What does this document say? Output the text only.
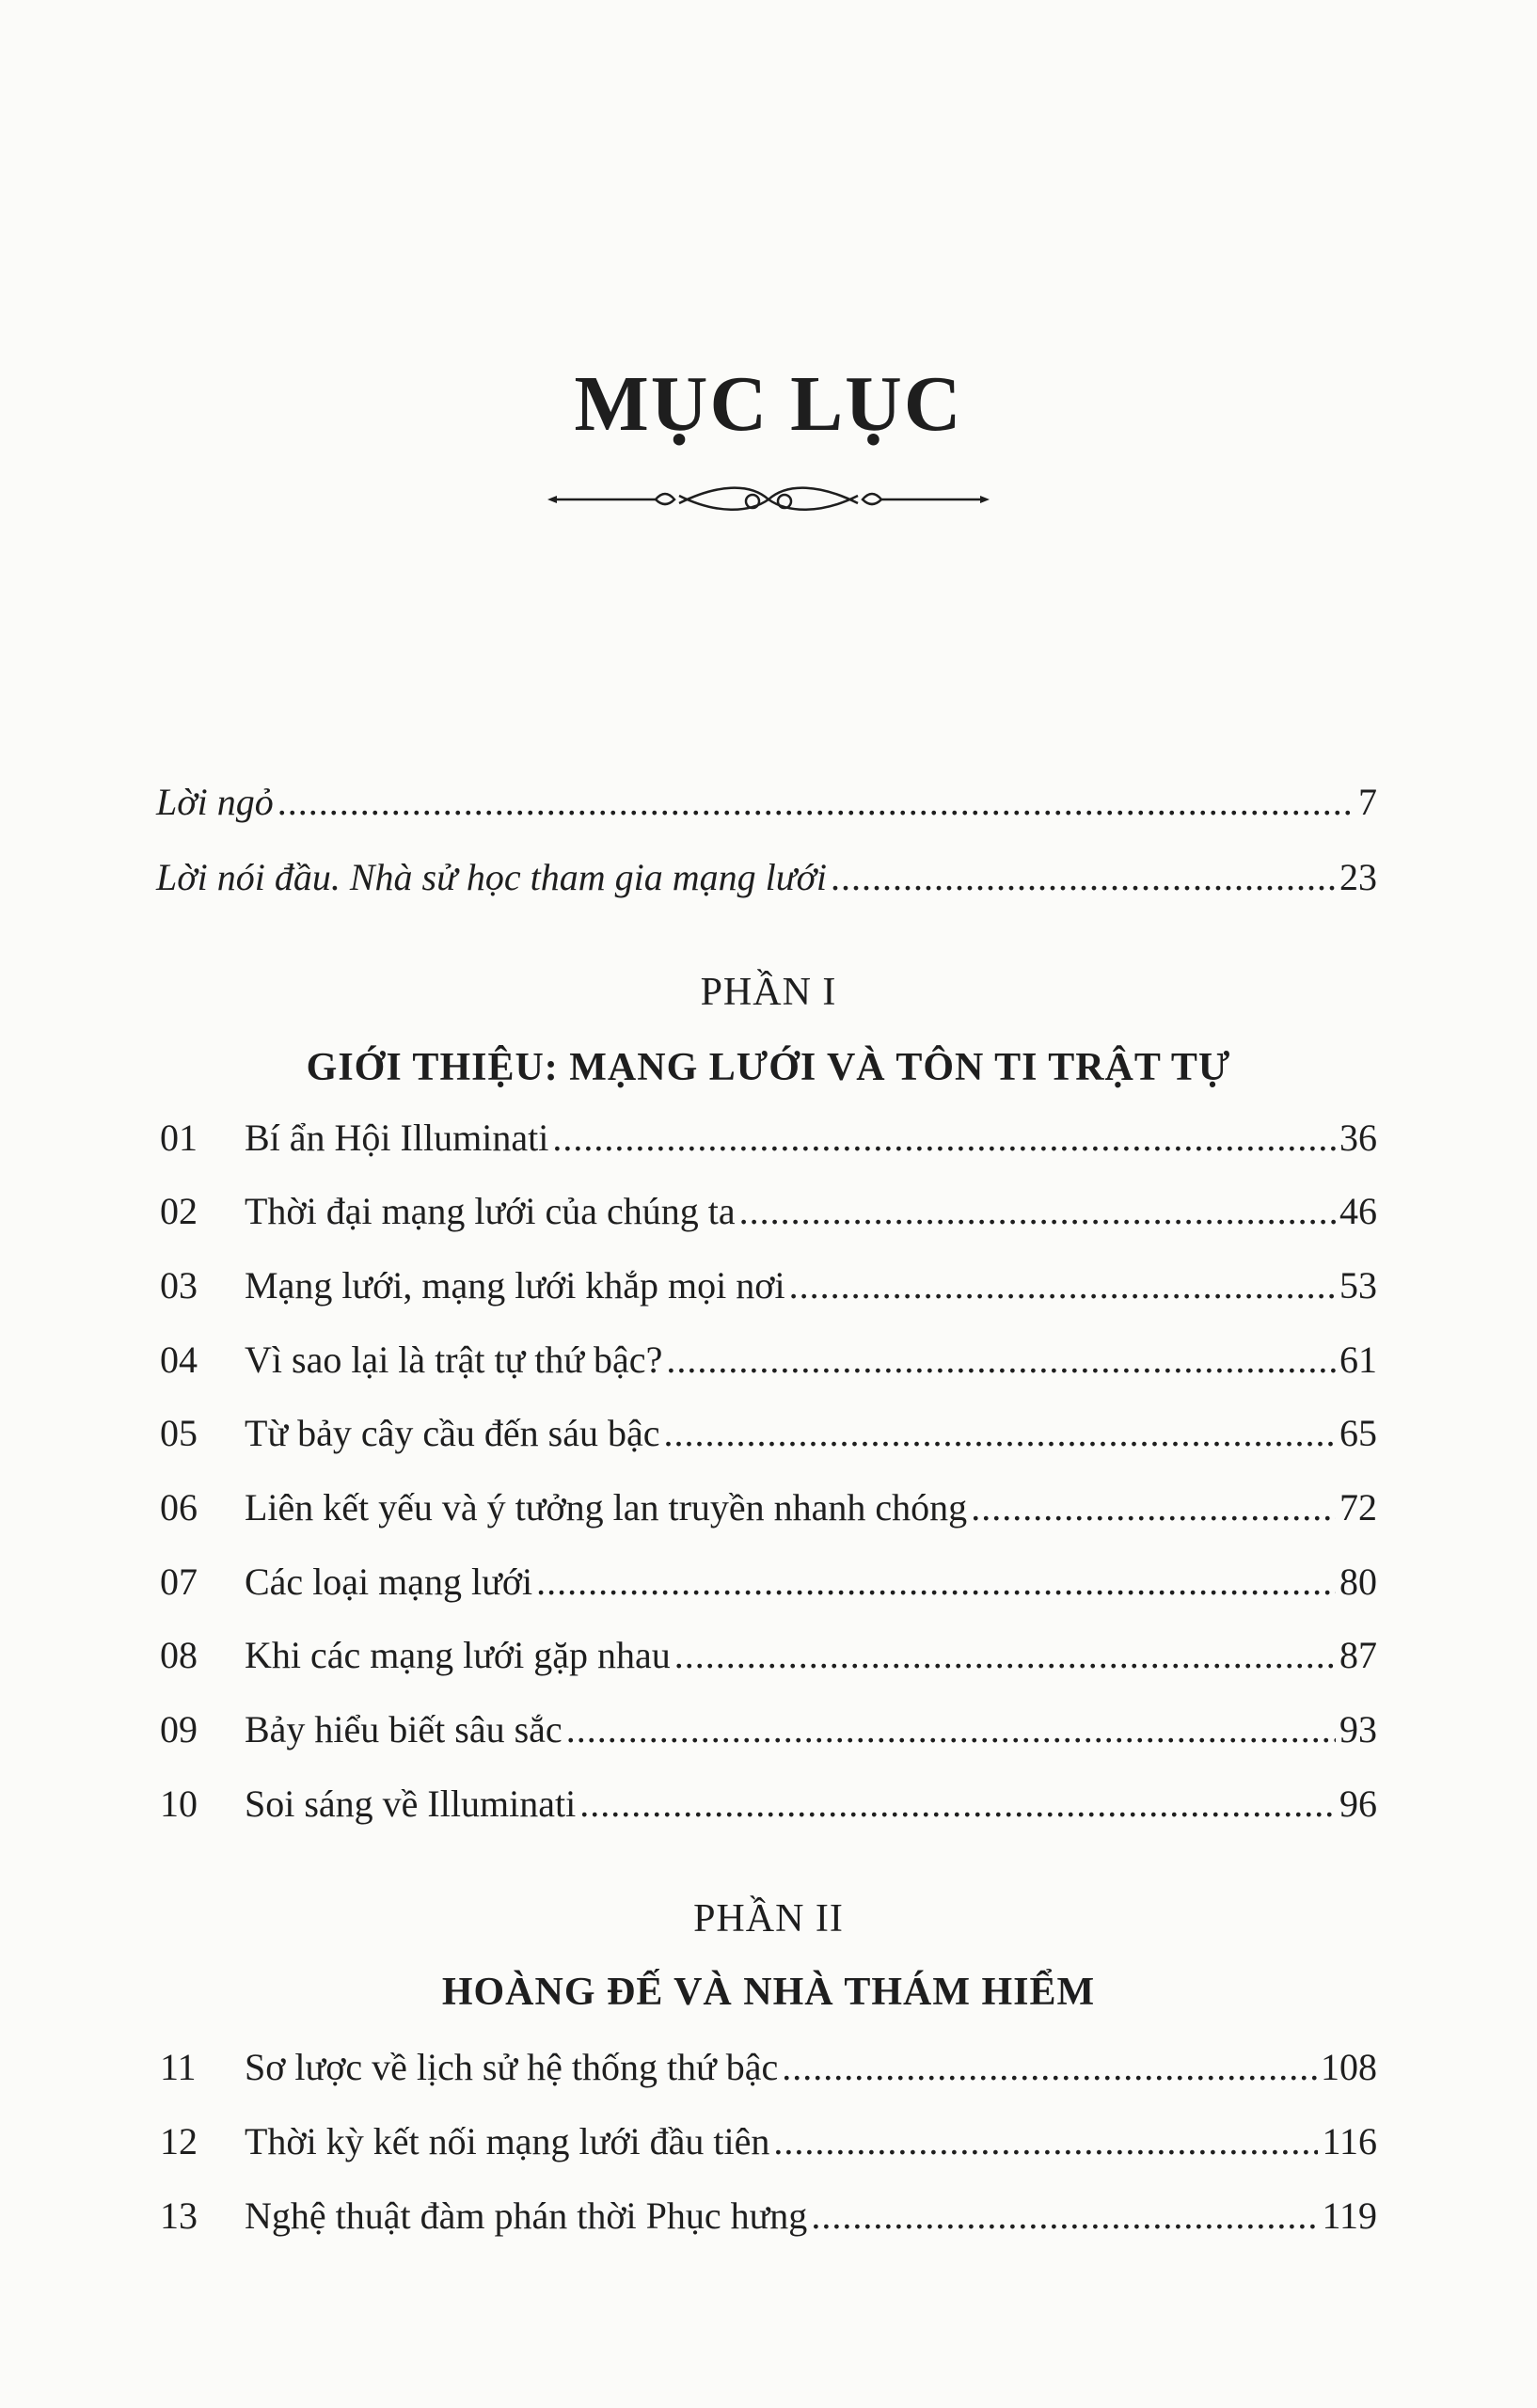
MỤC LỤC
Lời ngỏ .....	7
Lời nói đầu. Nhà sử học tham gia mạng lưới .....	23
PHẦN I
GIỚI THIỆU: MẠNG LƯỚI VÀ TÔN TI TRẬT TỰ
01	Bí ẩn Hội Illuminati .....	36
02	Thời đại mạng lưới của chúng ta .....	46
03	Mạng lưới, mạng lưới khắp mọi nơi .....	53
04	Vì sao lại là trật tự thứ bậc? .....	61
05	Từ bảy cây cầu đến sáu bậc .....	65
06	Liên kết yếu và ý tưởng lan truyền nhanh chóng .....	72
07	Các loại mạng lưới .....	80
08	Khi các mạng lưới gặp nhau .....	87
09	Bảy hiểu biết sâu sắc .....	93
10	Soi sáng về Illuminati .....	96
PHẦN II
HOÀNG ĐẾ VÀ NHÀ THÁM HIỂM
11	Sơ lược về lịch sử hệ thống thứ bậc .....	108
12	Thời kỳ kết nối mạng lưới đầu tiên .....	116
13	Nghệ thuật đàm phán thời Phục hưng .....	119
